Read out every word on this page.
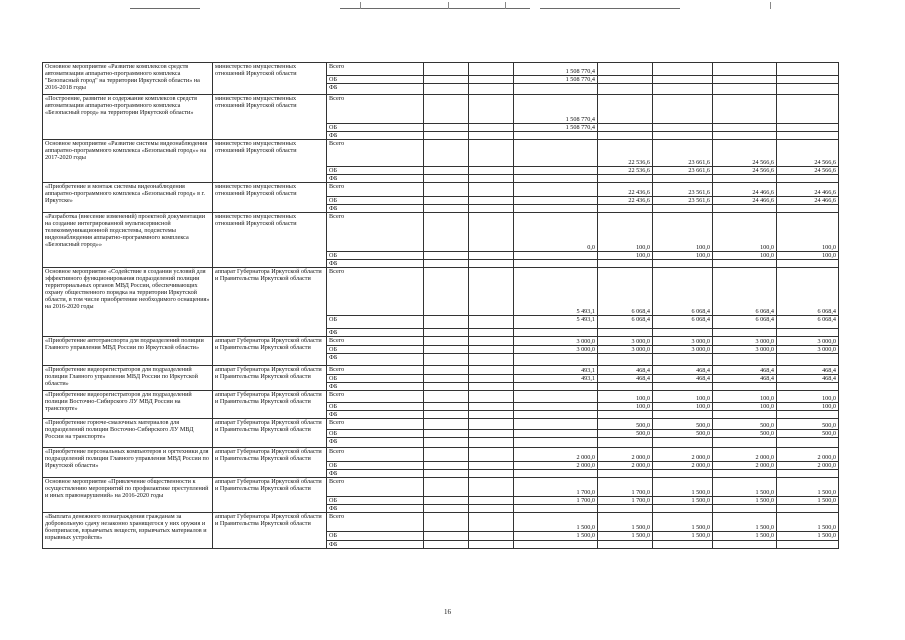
Основное мероприятие «Развитие комплексов средств автоматизации аппаратно-программного комплекса "Безопасный город" на территории Иркутской области» на 2016-2018 годы	министерство имущественных отношений Иркутской области	Всего			1 508 770,4				
		ОБ			1 508 770,4				
		ФБ							
«Построение, развитие и содержание комплексов средств автоматизации аппаратно-программного комплекса «Безопасный город» на территории Иркутской области»	министерство имущественных отношений Иркутской области	Всего			1 508 770,4				
		ОБ			1 508 770,4				
		ФБ							
Основное мероприятие «Развитие системы видеонаблюдения аппаратно-программного комплекса «Безопасный город»» на 2017-2020 годы	министерство имущественных отношений Иркутской области	Всего				22 536,6	23 661,6	24 566,6	24 566,6
		ОБ				22 536,6	23 661,6	24 566,6	24 566,6
		ФБ							
«Приобретение и монтаж системы видеонаблюдения аппаратно-программного комплекса «Безопасный город» в г. Иркутске»	министерство имущественных отношений Иркутской области	Всего				22 436,6	23 561,6	24 466,6	24 466,6
		ОБ				22 436,6	23 561,6	24 466,6	24 466,6
		ФБ							
«Разработка (внесение изменений) проектной документации на создание интегрированной мультисервисной телекоммуникационной подсистемы, подсистемы видеонаблюдения аппаратно-программного комплекса «Безопасный город»»	министерство имущественных отношений Иркутской области	Всего			0,0	100,0	100,0	100,0	100,0
		ОБ				100,0	100,0	100,0	100,0
		ФБ							
Основное мероприятие «Содействие в создании условий для эффективного функционирования подразделений полиции территориальных органов МВД России, обеспечивающих охрану общественного порядка на территории Иркутской области, в том числе приобретение необходимого оснащения» на 2016-2020 годы	аппарат Губернатора Иркутской области и Правительства Иркутской области	Всего			5 493,1	6 068,4	6 068,4	6 068,4	6 068,4
		ОБ			5 493,1	6 068,4	6 068,4	6 068,4	6 068,4
		ФБ							
«Приобретение автотранспорта для подразделений полиции Главного управления МВД России по Иркутской области»	аппарат Губернатора Иркутской области и Правительства Иркутской области	Всего			3 000,0	3 000,0	3 000,0	3 000,0	3 000,0
		ОБ			3 000,0	3 000,0	3 000,0	3 000,0	3 000,0
		ФБ							
«Приобретение видеорегистраторов для подразделений полиции Главного управления МВД России по Иркутской области»	аппарат Губернатора Иркутской области и Правительства Иркутской области	Всего			493,1	468,4	468,4	468,4	468,4
		ОБ			493,1	468,4	468,4	468,4	468,4
		ФБ							
«Приобретение видеорегистраторов для подразделений полиции Восточно-Сибирского ЛУ МВД России на транспорте»	аппарат Губернатора Иркутской области и Правительства Иркутской области	Всего				100,0	100,0	100,0	100,0
		ОБ				100,0	100,0	100,0	100,0
		ФБ							
«Приобретение горюче-смазочных материалов для подразделений полиции Восточно-Сибирского ЛУ МВД России на транспорте»	аппарат Губернатора Иркутской области и Правительства Иркутской области	Всего				500,0	500,0	500,0	500,0
		ОБ				500,0	500,0	500,0	500,0
		ФБ							
«Приобретение персональных компьютеров и оргтехники для подразделений полиции Главного управления МВД России по Иркутской области»	аппарат Губернатора Иркутской области и Правительства Иркутской области	Всего			2 000,0	2 000,0	2 000,0	2 000,0	2 000,0
		ОБ			2 000,0	2 000,0	2 000,0	2 000,0	2 000,0
		ФБ							
Основное мероприятие «Привлечение общественности к осуществлению мероприятий по профилактике преступлений и иных правонарушений» на 2016-2020 годы	аппарат Губернатора Иркутской области и Правительства Иркутской области	Всего			1 700,0	1 700,0	1 500,0	1 500,0	1 500,0
		ОБ			1 700,0	1 700,0	1 500,0	1 500,0	1 500,0
		ФБ							
«Выплата денежного вознаграждения гражданам за добровольную сдачу незаконно хранящегося у них оружия и боеприпасов, взрывчатых веществ, взрывчатых материалов и взрывных устройств»	аппарат Губернатора Иркутской области и Правительства Иркутской области	Всего			1 500,0	1 500,0	1 500,0	1 500,0	1 500,0
		ОБ			1 500,0	1 500,0	1 500,0	1 500,0	1 500,0
		ФБ							
16
